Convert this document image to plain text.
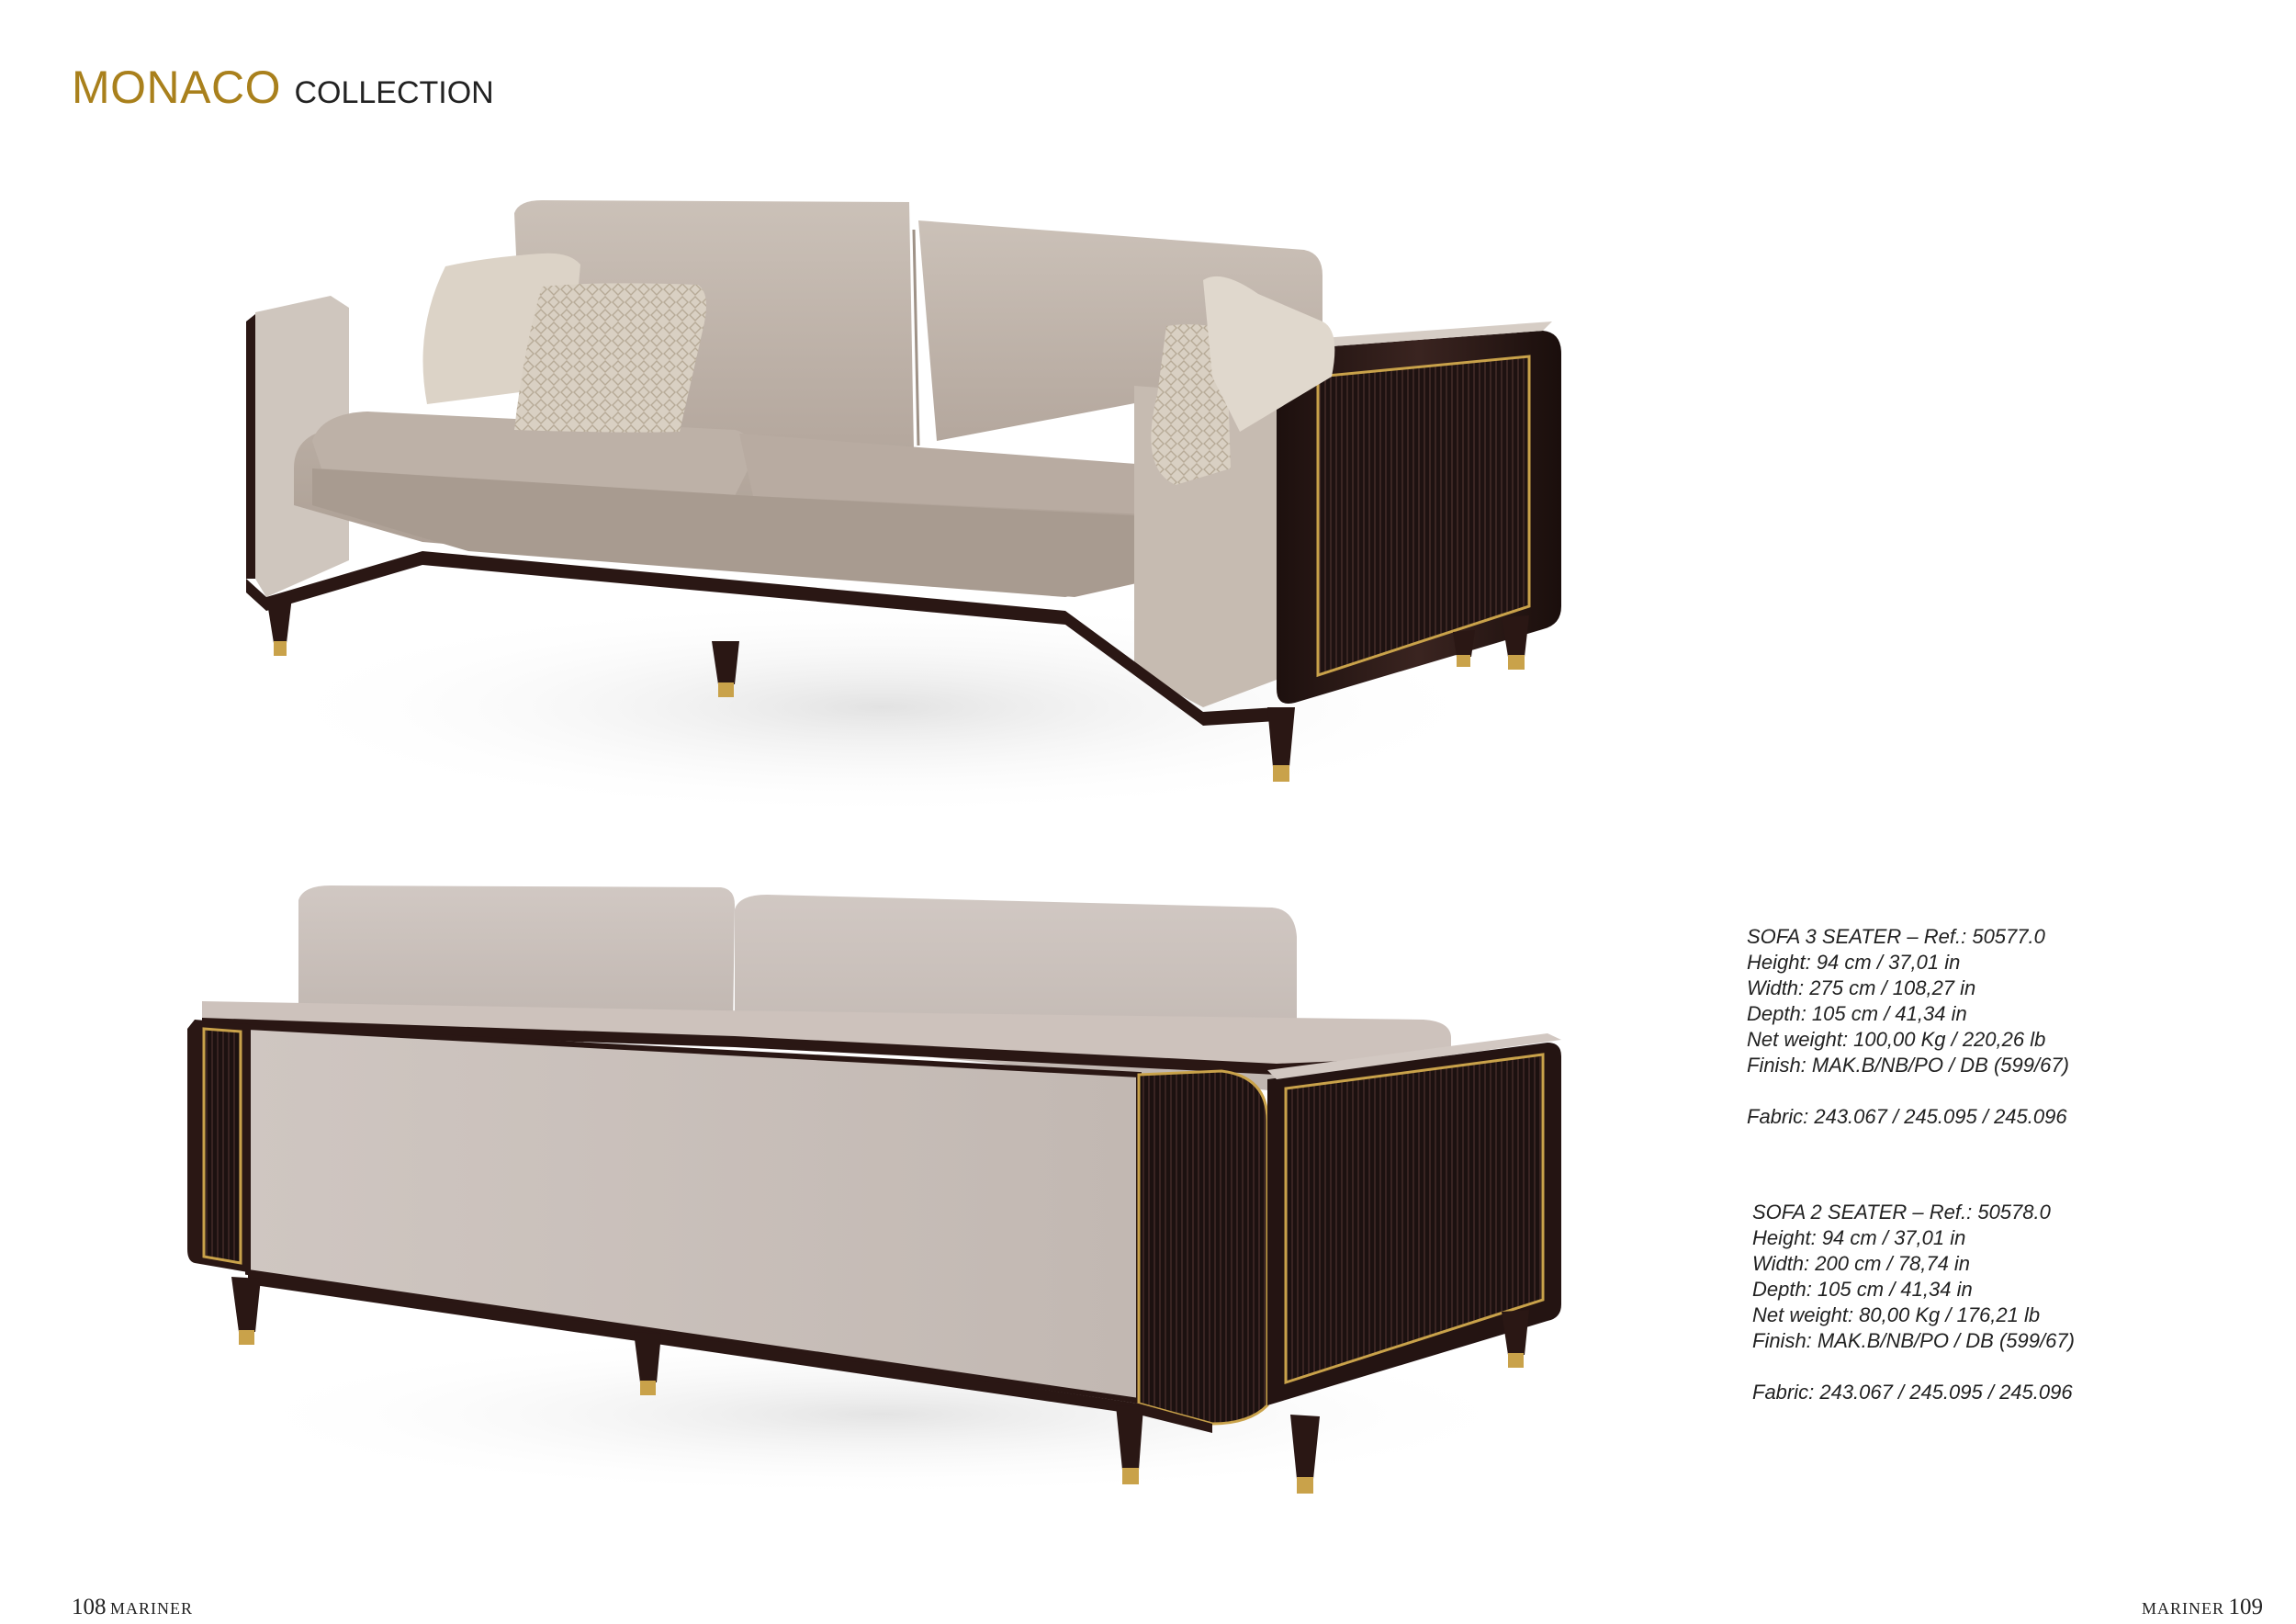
MONACO COLLECTION
SOFA 3 SEATER – Ref.: 50577.0
Height: 94 cm / 37,01 in
Width: 275 cm / 108,27 in
Depth: 105 cm / 41,34 in
Net weight: 100,00 Kg / 220,26 lb
Finish: MAK.B/NB/PO / DB (599/67)
Fabric: 243.067 / 245.095 / 245.096
SOFA 2 SEATER – Ref.: 50578.0
Height: 94 cm / 37,01 in
Width: 200 cm / 78,74 in
Depth: 105 cm / 41,34 in
Net weight: 80,00 Kg / 176,21 lb
Finish: MAK.B/NB/PO / DB (599/67)
Fabric: 243.067 / 245.095 / 245.096
108 MARINER	MARINER 109
